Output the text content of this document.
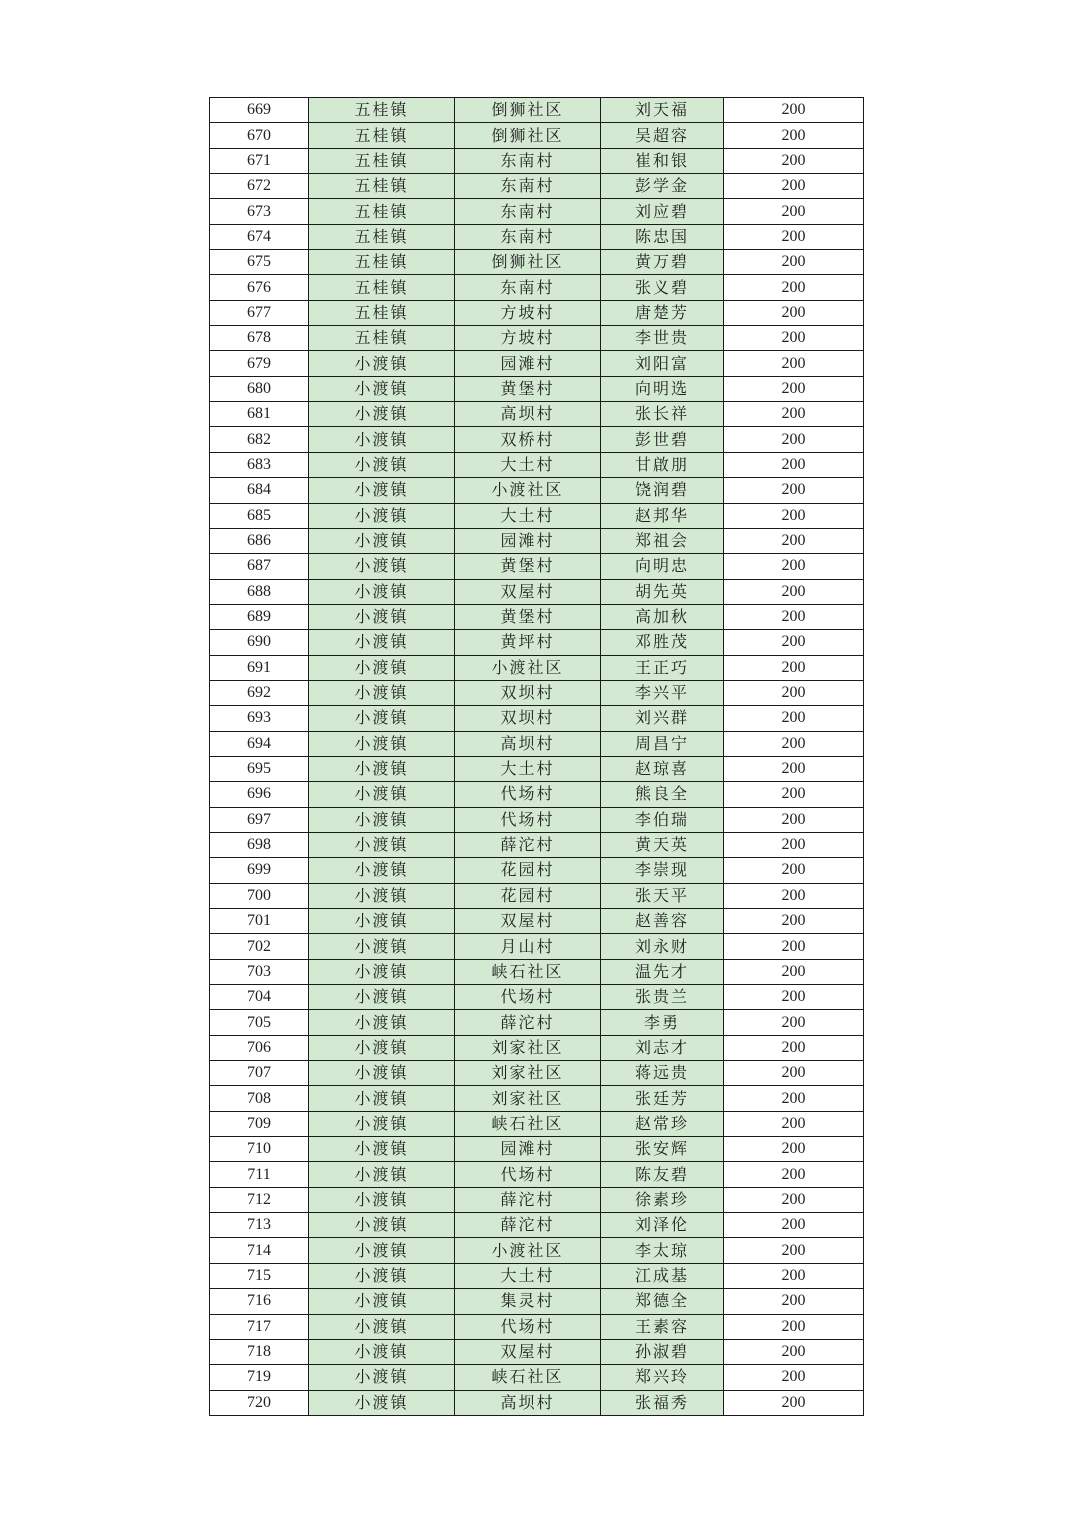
669	五桂镇	倒狮社区	刘天福	200
670	五桂镇	倒狮社区	吴超容	200
671	五桂镇	东南村	崔和银	200
672	五桂镇	东南村	彭学金	200
673	五桂镇	东南村	刘应碧	200
674	五桂镇	东南村	陈忠国	200
675	五桂镇	倒狮社区	黄万碧	200
676	五桂镇	东南村	张义碧	200
677	五桂镇	方坡村	唐楚芳	200
678	五桂镇	方坡村	李世贵	200
679	小渡镇	园滩村	刘阳富	200
680	小渡镇	黄堡村	向明选	200
681	小渡镇	高坝村	张长祥	200
682	小渡镇	双桥村	彭世碧	200
683	小渡镇	大土村	甘啟朋	200
684	小渡镇	小渡社区	饶润碧	200
685	小渡镇	大土村	赵邦华	200
686	小渡镇	园滩村	郑祖会	200
687	小渡镇	黄堡村	向明忠	200
688	小渡镇	双屋村	胡先英	200
689	小渡镇	黄堡村	高加秋	200
690	小渡镇	黄坪村	邓胜茂	200
691	小渡镇	小渡社区	王正巧	200
692	小渡镇	双坝村	李兴平	200
693	小渡镇	双坝村	刘兴群	200
694	小渡镇	高坝村	周昌宁	200
695	小渡镇	大土村	赵琼喜	200
696	小渡镇	代场村	熊良全	200
697	小渡镇	代场村	李伯瑞	200
698	小渡镇	薛沱村	黄天英	200
699	小渡镇	花园村	李崇现	200
700	小渡镇	花园村	张天平	200
701	小渡镇	双屋村	赵善容	200
702	小渡镇	月山村	刘永财	200
703	小渡镇	峡石社区	温先才	200
704	小渡镇	代场村	张贵兰	200
705	小渡镇	薛沱村	李勇	200
706	小渡镇	刘家社区	刘志才	200
707	小渡镇	刘家社区	蒋远贵	200
708	小渡镇	刘家社区	张廷芳	200
709	小渡镇	峡石社区	赵常珍	200
710	小渡镇	园滩村	张安辉	200
711	小渡镇	代场村	陈友碧	200
712	小渡镇	薛沱村	徐素珍	200
713	小渡镇	薛沱村	刘泽伦	200
714	小渡镇	小渡社区	李太琼	200
715	小渡镇	大土村	江成基	200
716	小渡镇	集灵村	郑德全	200
717	小渡镇	代场村	王素容	200
718	小渡镇	双屋村	孙淑碧	200
719	小渡镇	峡石社区	郑兴玲	200
720	小渡镇	高坝村	张福秀	200
